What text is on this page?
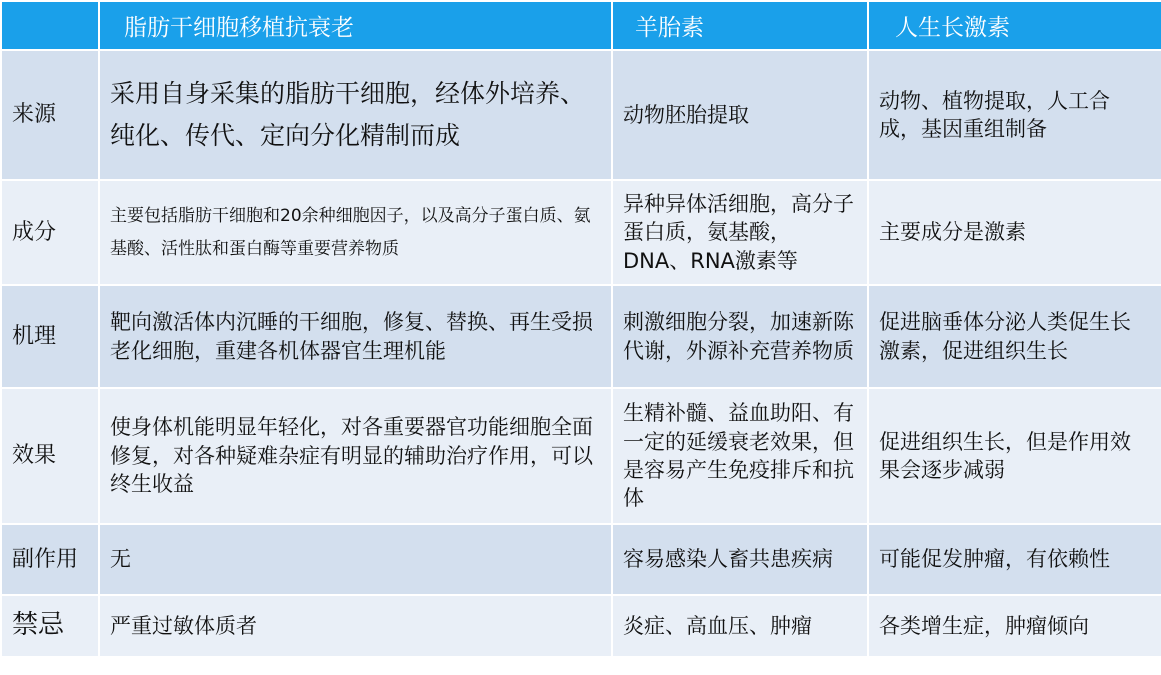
	脂肪干细胞移植抗衰老	羊胎素	人生长激素
来源	采用自身采集的脂肪干细胞，经体外培养、纯化、传代、定向分化精制而成	动物胚胎提取	动物、植物提取，人工合成，基因重组制备
成分	主要包括脂肪干细胞和20余种细胞因子，以及高分子蛋白质、氨基酸、活性肽和蛋白酶等重要营养物质	异种异体活细胞，高分子蛋白质，氨基酸，DNA、RNA激素等	主要成分是激素
机理	靶向激活体内沉睡的干细胞，修复、替换、再生受损老化细胞，重建各机体器官生理机能	刺激细胞分裂，加速新陈代谢，外源补充营养物质	促进脑垂体分泌人类促生长激素，促进组织生长
效果	使身体机能明显年轻化，对各重要器官功能细胞全面修复，对各种疑难杂症有明显的辅助治疗作用，可以终生收益	生精补髓、益血助阳、有一定的延缓衰老效果，但是容易产生免疫排斥和抗体	促进组织生长，但是作用效果会逐步减弱
副作用	无	容易感染人畜共患疾病	可能促发肿瘤，有依赖性
禁忌	严重过敏体质者	炎症、高血压、肿瘤	各类增生症，肿瘤倾向
